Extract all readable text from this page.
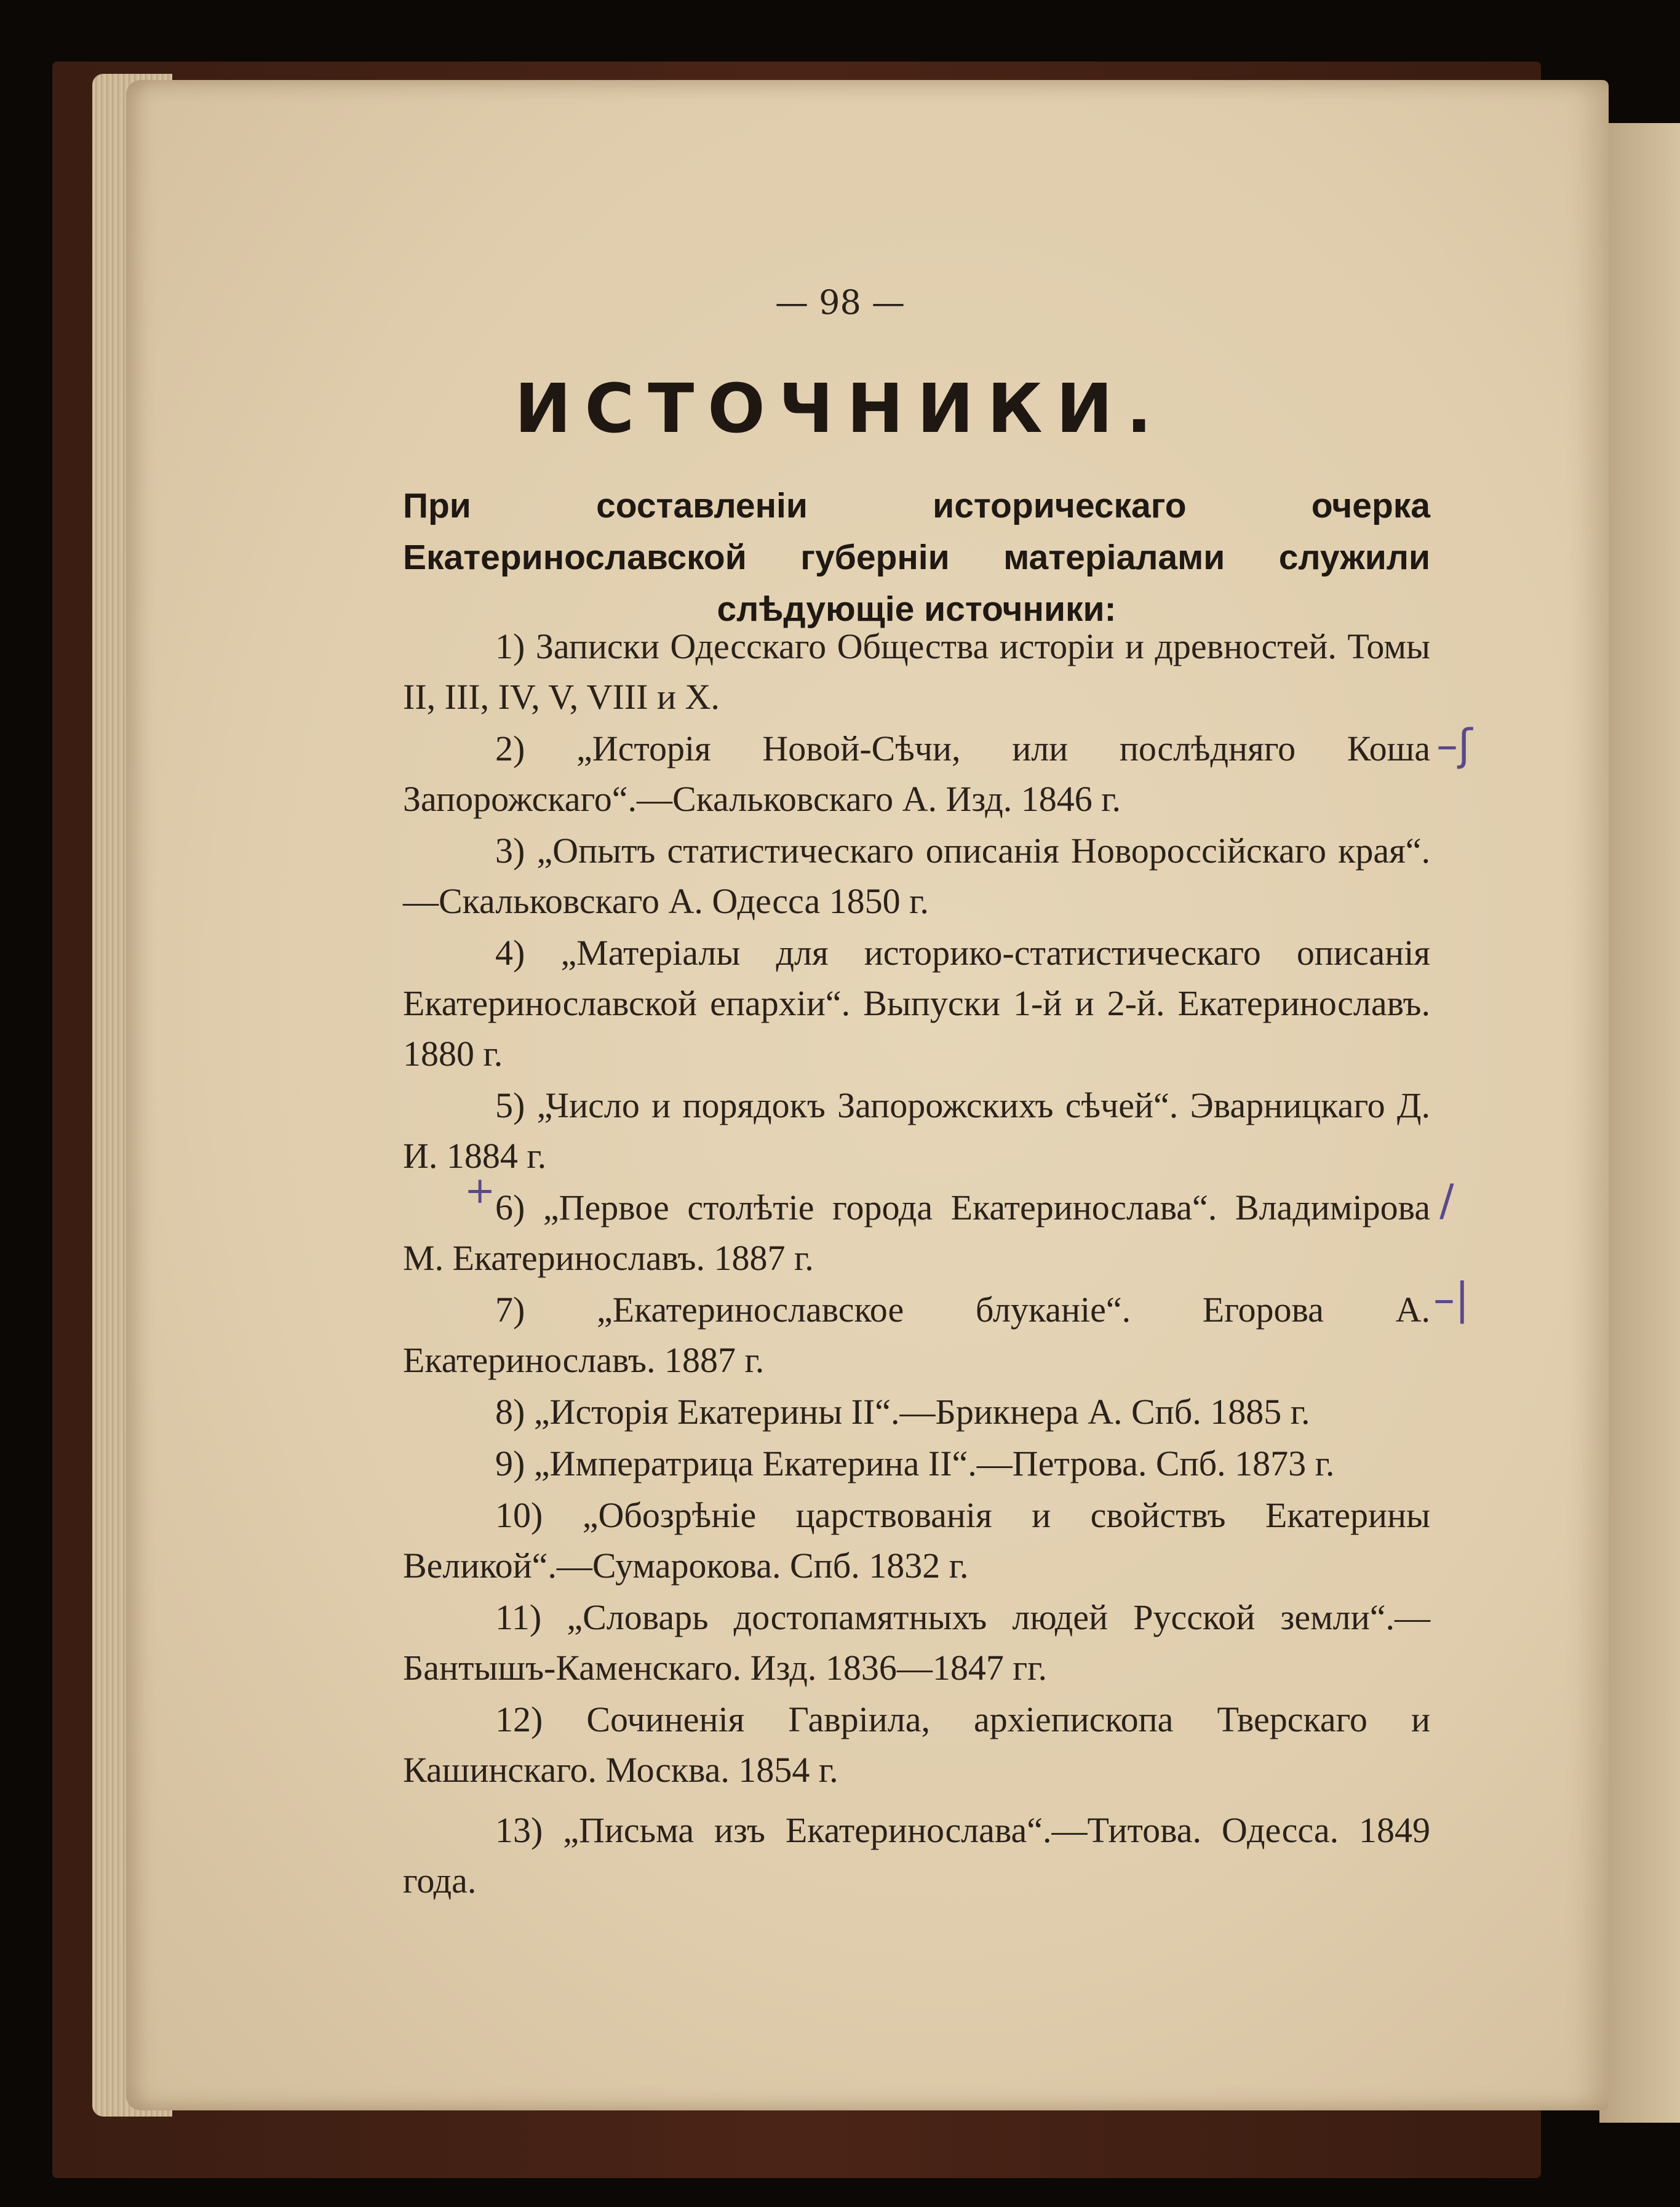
— 98 —
ИСТОЧНИКИ.
При составленіи историческаго очерка Екатеринославской губерніи матеріалами служили слѣдующіе источники:

1) Записки Одесскаго Общества исторіи и древностей. Томы II, III, IV, V, VIII и X.

2) „Исторія Новой-Сѣчи, или послѣдняго Коша Запорожскаго“.—Скальковскаго А. Изд. 1846 г.

3) „Опытъ статистическаго описанія Новороссійскаго края“.—Скальковскаго А. Одесса 1850 г.

4) „Матеріалы для историко-статистическаго описанія Екатеринославской епархіи“. Выпуски 1-й и 2-й. Екатеринославъ. 1880 г.

5) „Число и порядокъ Запорожскихъ сѣчей“. Эварницкаго Д. И. 1884 г.

6) „Первое столѣтіе города Екатеринослава“. Владимірова М. Екатеринославъ. 1887 г.

7) „Екатеринославское блуканіе“. Егорова А. Екатеринославъ. 1887 г.

8) „Исторія Екатерины II“.—Брикнера А. Спб. 1885 г.

9) „Императрица Екатерина II“.—Петрова. Спб. 1873 г.

10) „Обозрѣніе царствованія и свойствъ Екатерины Великой“.—Сумарокова. Спб. 1832 г.

11) „Словарь достопамятныхъ людей Русской земли“.—Бантышъ-Каменскаго. Изд. 1836—1847 гг.

12) Сочиненія Гавріила, архіепископа Тверскаго и Кашинскаго. Москва. 1854 г.

13) „Письма изъ Екатеринослава“.—Титова. Одесса. 1849 года.

–ʃ
+	/
–|
